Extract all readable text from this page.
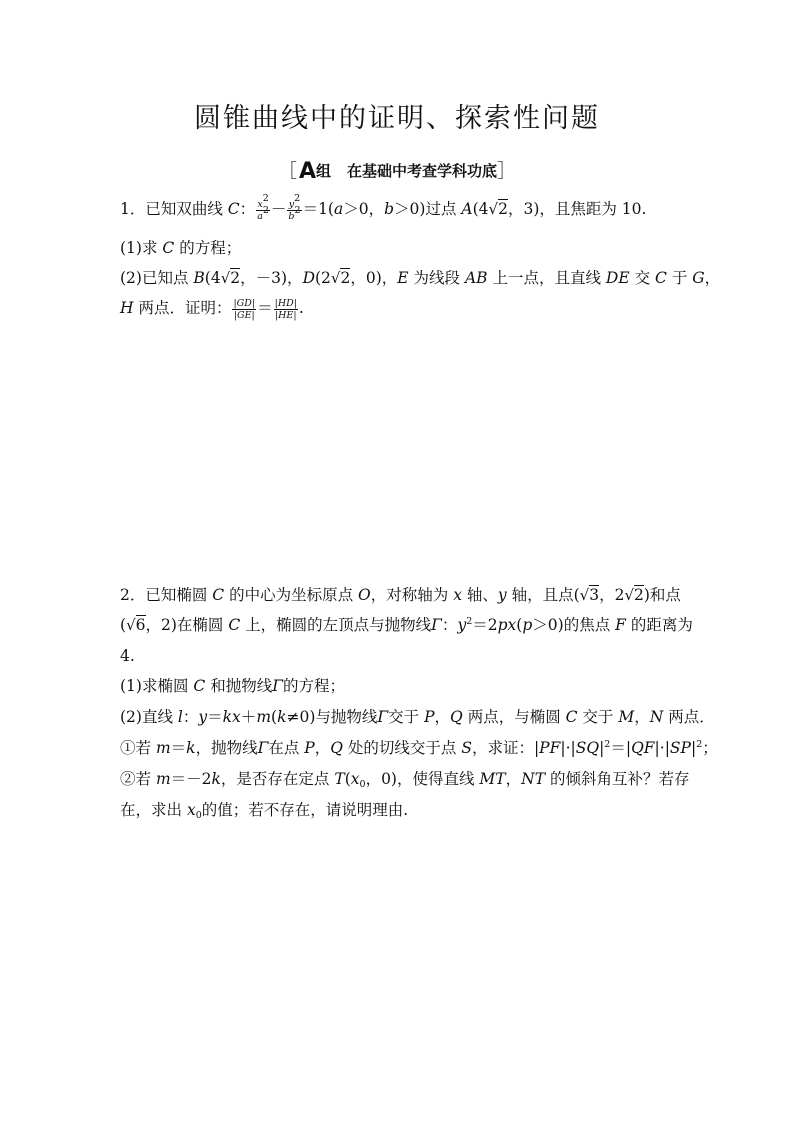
圆锥曲线中的证明、探索性问题
［A组 在基础中考查学科功底］
1．已知双曲线 C： $\frac{x^2}{a^2} - \frac{y^2}{b^2} =1(a>0$，b＞0)过点 A(4√2，3)，且焦距为 10.
(1)求 C 的方程；
(2)已知点 B(4√2，－3)，D(2√2，0)，E 为线段 AB 上一点，且直线 DE 交 C 于 G，
H 两点．证明： $\frac{|GD|}{|GE|} = \frac{|HD|}{|HE|}$ .
2．已知椭圆 C 的中心为坐标原点 O，对称轴为 x 轴、y 轴，且点(√3，2√2)和点
(√6，2)在椭圆 C 上，椭圆的左顶点与抛物线Γ：$y^2=2px(p>0)$的焦点 F 的距离为
4.
(1)求椭圆 C 和抛物线Γ的方程；
(2)直线 l：y＝kx＋m(k≠0)与抛物线Γ交于 P，Q 两点，与椭圆 C 交于 M，N 两点．
①若 m＝k，抛物线Γ在点 P，Q 处的切线交于点 S，求证：$|PF|\cdot|SQ|^2=|QF|\cdot|SP|^2$；
②若 m＝－2k，是否存在定点 $T(x_0$，0)，使得直线 MT，NT 的倾斜角互补？若存
在，求出 $x_0$的值；若不存在，请说明理由.
